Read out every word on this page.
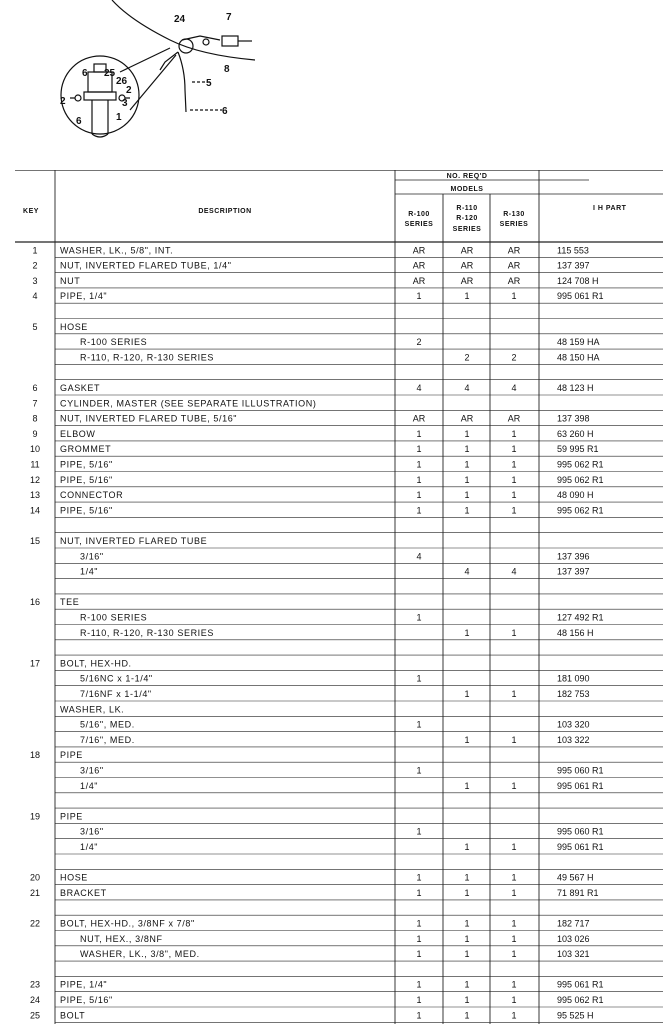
24	7
8
5
6
6 25
26
2
2
3
6	1
KEY	DESCRIPTION
NO. REQ'D
MODELS
R-100
SERIES
R-110
R-120
SERIES
R-130
SERIES
I H PART
1 WASHER, LK., 5/8", INT.	AR	AR	AR	115 553
2 NUT, INVERTED FLARED TUBE, 1/4"	AR	AR	AR	137 397
3 NUT	AR	AR	AR	124 708 H
4 PIPE, 1/4"	1	1	1	995 061 R1
5 HOSE
R-100 SERIES	2	48 159 HA
R-110, R-120, R-130 SERIES	2	2	48 150 HA
6 GASKET	4	4	4	48 123 H
7 CYLINDER, MASTER (SEE SEPARATE ILLUSTRATION)
8 NUT, INVERTED FLARED TUBE, 5/16"	AR	AR	AR	137 398
9 ELBOW	1	1	1	63 260 H
10 GROMMET	1	1	1	59 995 R1
11 PIPE, 5/16"	1	1	1	995 062 R1
12 PIPE, 5/16"	1	1	1	995 062 R1
13 CONNECTOR	1	1	1	48 090 H
14 PIPE, 5/16"	1	1	1	995 062 R1
15 NUT, INVERTED FLARED TUBE
3/16"	4	137 396
1/4"	4	4	137 397
16 TEE
R-100 SERIES	1	127 492 R1
R-110, R-120, R-130 SERIES	1	1	48 156 H
17 BOLT, HEX-HD.
5/16NC x 1-1/4"	1	181 090
7/16NF x 1-1/4"	1	1	182 753
WASHER, LK.
5/16", MED.	1	103 320
7/16", MED.	1	1	103 322
18 PIPE
3/16"	1	995 060 R1
1/4"	1	1	995 061 R1
19 PIPE
3/16"	1	995 060 R1
1/4"	1	1	995 061 R1
20 HOSE	1	1	1	49 567 H
21 BRACKET	1	1	1	71 891 R1
22 BOLT, HEX-HD., 3/8NF x 7/8"	1	1	1	182 717
NUT, HEX., 3/8NF	1	1	1	103 026
WASHER, LK., 3/8", MED.	1	1	1	103 321
23 PIPE, 1/4"	1	1	1	995 061 R1
24 PIPE, 5/16"	1	1	1	995 062 R1
25 BOLT	1	1	1	95 525 H
